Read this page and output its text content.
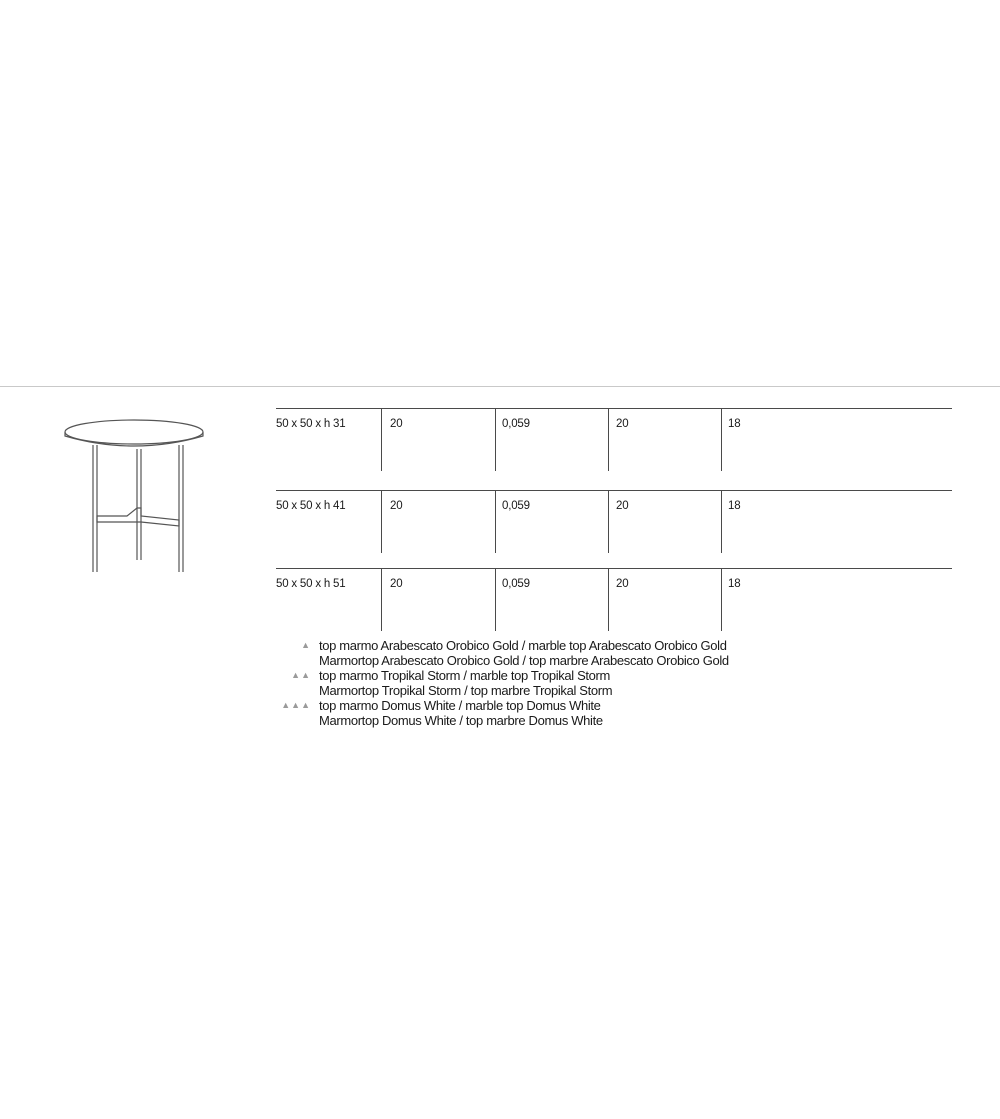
50 x 50 x h 31	20	0,059	20	18
50 x 50 x h 41	20	0,059	20	18
50 x 50 x h 51	20	0,059	20	18
▲ top marmo Arabescato Orobico Gold / marble top Arabescato Orobico Gold
Marmortop Arabescato Orobico Gold / top marbre Arabescato Orobico Gold
▲▲ top marmo Tropikal Storm / marble top Tropikal Storm
Marmortop Tropikal Storm / top marbre Tropikal Storm
▲▲▲ top marmo Domus White / marble top Domus White
Marmortop Domus White / top marbre Domus White
